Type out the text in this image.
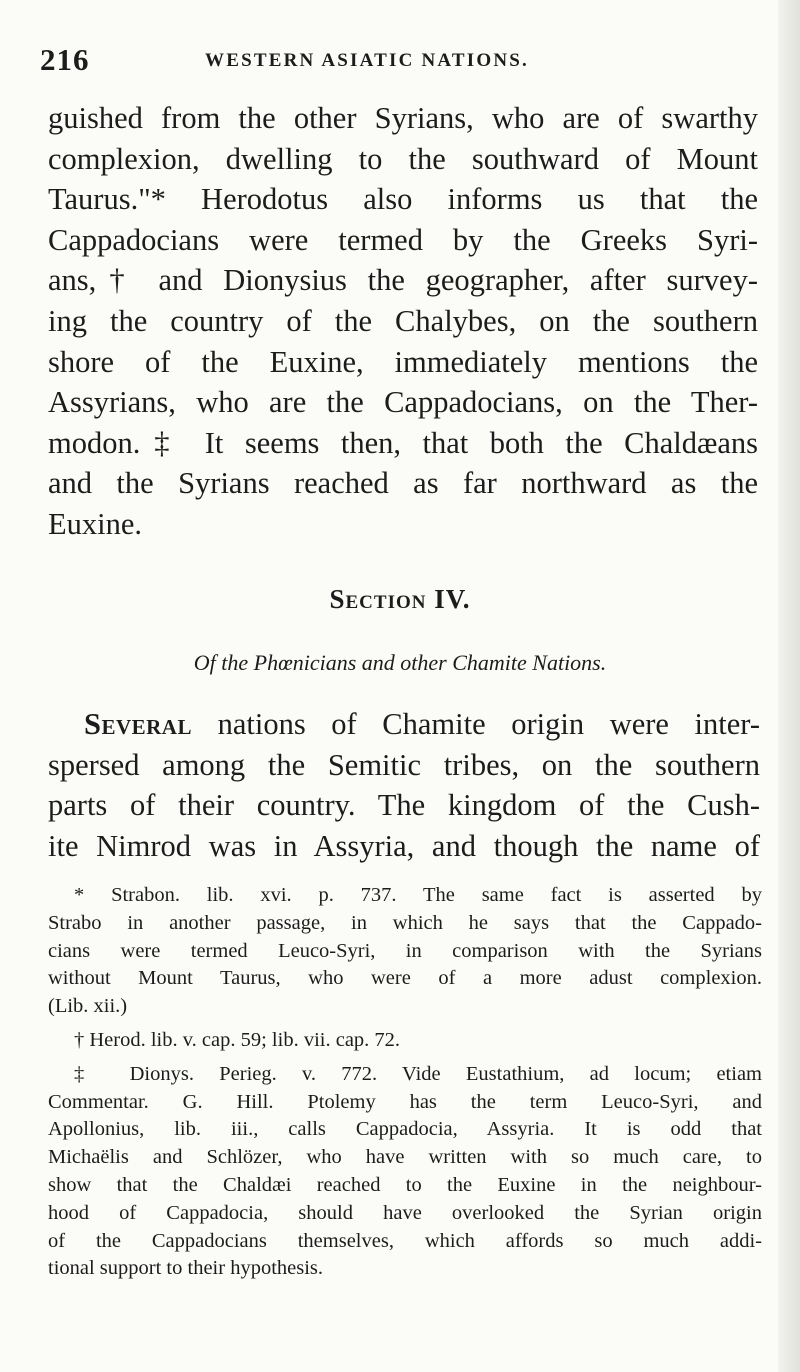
216	WESTERN ASIATIC NATIONS.
guished from the other Syrians, who are of swarthy
complexion, dwelling to the southward of Mount
Taurus."* Herodotus also informs us that the
Cappadocians were termed by the Greeks Syri-
ans,† and Dionysius the geographer, after survey-
ing the country of the Chalybes, on the southern
shore of the Euxine, immediately mentions the
Assyrians, who are the Cappadocians, on the Ther-
modon.‡ It seems then, that both the Chaldæans
and the Syrians reached as far northward as the
Euxine.
Section IV.
Of the Phœnicians and other Chamite Nations.
Several nations of Chamite origin were inter-
spersed among the Semitic tribes, on the southern
parts of their country. The kingdom of the Cush-
ite Nimrod was in Assyria, and though the name of
* Strabon. lib. xvi. p. 737. The same fact is asserted by
Strabo in another passage, in which he says that the Cappado-
cians were termed Leuco-Syri, in comparison with the Syrians
without Mount Taurus, who were of a more adust complexion.
(Lib. xii.)
† Herod. lib. v. cap. 59; lib. vii. cap. 72.
‡ Dionys. Perieg. v. 772. Vide Eustathium, ad locum; etiam
Commentar. G. Hill. Ptolemy has the term Leuco-Syri, and
Apollonius, lib. iii., calls Cappadocia, Assyria. It is odd that
Michaëlis and Schlözer, who have written with so much care, to
show that the Chaldæi reached to the Euxine in the neighbour-
hood of Cappadocia, should have overlooked the Syrian origin
of the Cappadocians themselves, which affords so much addi-
tional support to their hypothesis.
